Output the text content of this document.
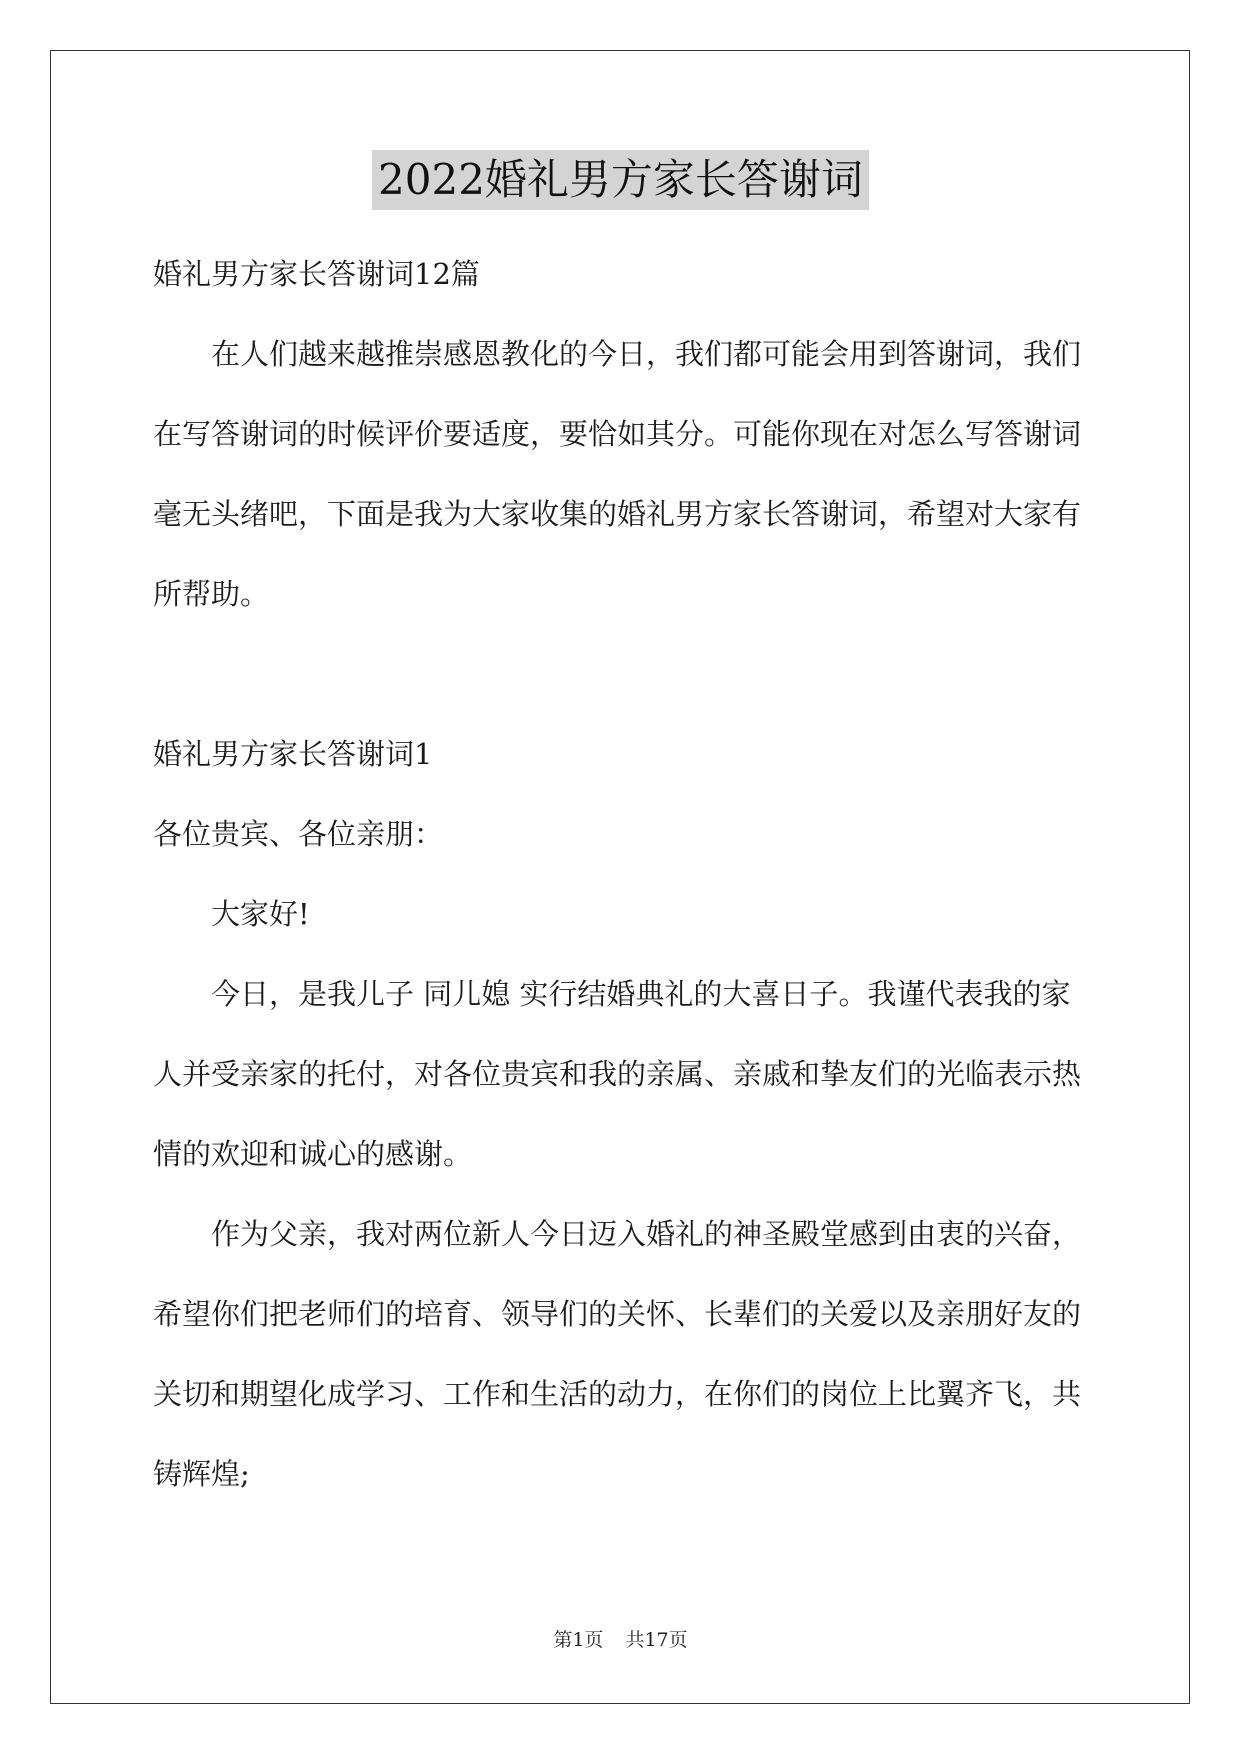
2022婚礼男方家长答谢词

婚礼男方家长答谢词12篇

在人们越来越推崇感恩教化的今日，我们都可能会用到答谢词，我们在写答谢词的时候评价要适度，要恰如其分。可能你现在对怎么写答谢词毫无头绪吧，下面是我为大家收集的婚礼男方家长答谢词，希望对大家有所帮助。

婚礼男方家长答谢词1

各位贵宾、各位亲朋：

大家好!

今日，是我儿子 同儿媳 实行结婚典礼的大喜日子。我谨代表我的家人并受亲家的托付，对各位贵宾和我的亲属、亲戚和挚友们的光临表示热情的欢迎和诚心的感谢。

作为父亲，我对两位新人今日迈入婚礼的神圣殿堂感到由衷的兴奋，希望你们把老师们的培育、领导们的关怀、长辈们的关爱以及亲朋好友的关切和期望化成学习、工作和生活的动力，在你们的岗位上比翼齐飞，共铸辉煌;

第1页 共17页
